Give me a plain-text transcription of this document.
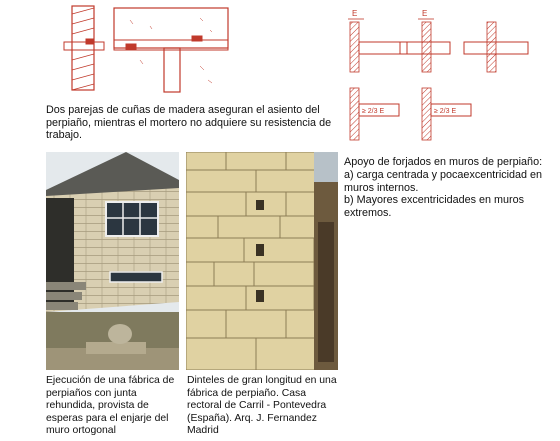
Dos parejas de cuñas de madera aseguran el asiento del perpiaño, mientras el mortero no adquiere su resistencia de trabajo.

E	E
≥ 2/3 E	≥ 2/3 E

Apoyo de forjados en muros de perpiaño:

a) carga centrada y pocaexcentricidad en muros internos.

b) Mayores excentricidades en muros extremos.

Ejecución de una fábrica de perpiaños con junta rehundida, provista de esperas para el enjarje del muro ortogonal

Dinteles de gran longitud en una fábrica de perpiaño. Casa rectoral de Carril - Pontevedra (España). Arq. J. Fernandez Madrid
